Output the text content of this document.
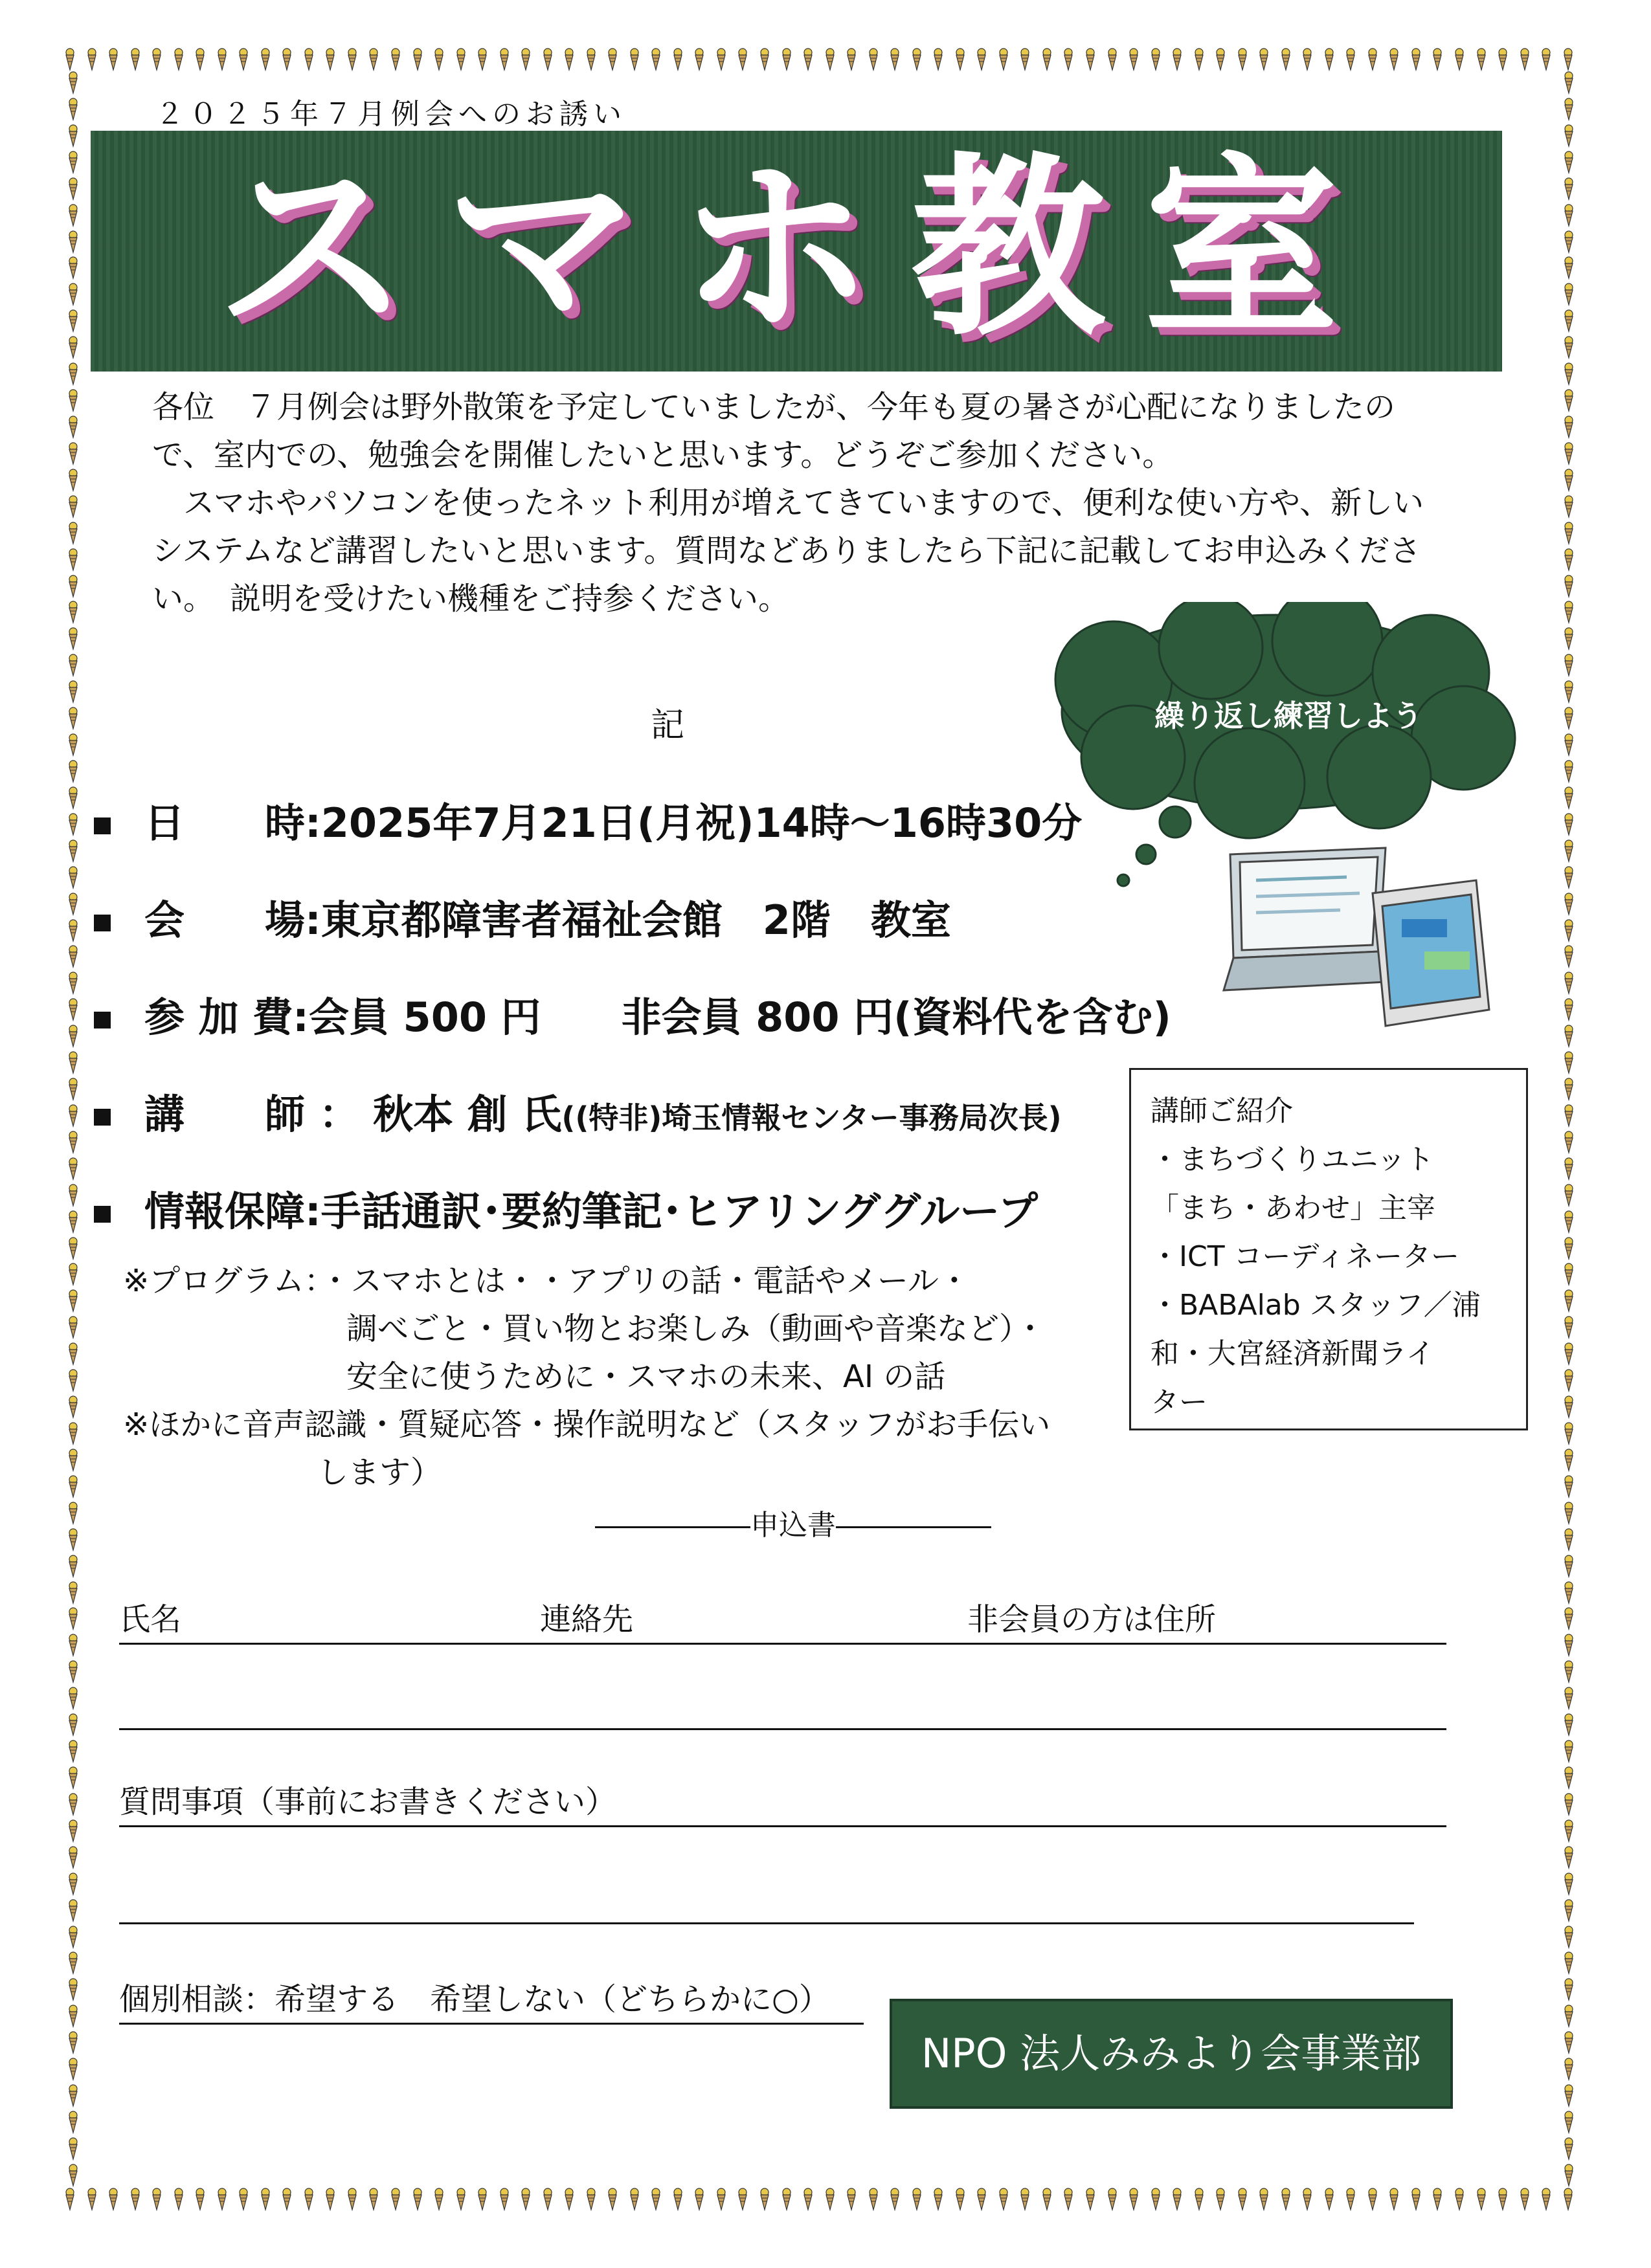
２０２５年７月例会へのお誘い
スマホ教室

各位　７月例会は野外散策を予定していましたが、今年も夏の暑さが心配になりましたの

で、室内での、勉強会を開催したいと思います。どうぞご参加ください。

　スマホやパソコンを使ったネット利用が増えてきていますので、便利な使い方や、新しい

システムなど講習したいと思います。質問などありましたら下記に記載してお申込みくださ

い。　説明を受けたい機種をご持参ください。

繰り返し練習しよう
記
日　　時:2025年7月21日(月祝)14時～16時30分
会　　場:東京都障害者福祉会館　2階　教室
参 加 費:会員 500 円　　非会員 800 円(資料代を含む)
講　　師 ： 秋本 創 氏((特非)埼玉情報センター事務局次長)
情報保障:手話通訳･要約筆記･ヒアリンググループ

講師ご紹介

・まちづくりユニット

「まち・あわせ」主宰

・ICT コーディネーター

・BABAlab スタッフ／浦

和・大宮経済新聞ライ

ター

※プログラム：・スマホとは・・アプリの話・電話やメール・

調べごと・買い物とお楽しみ（動画や音楽など）・

安全に使うために・スマホの未来、AI の話

※ほかに音声認識・質疑応答・操作説明など（スタッフがお手伝い

します）

申込書
氏名	連絡先	非会員の方は住所
質問事項（事前にお書きください）
個別相談：希望する　希望しない（どちらかに○）
NPO 法人みみより会事業部
